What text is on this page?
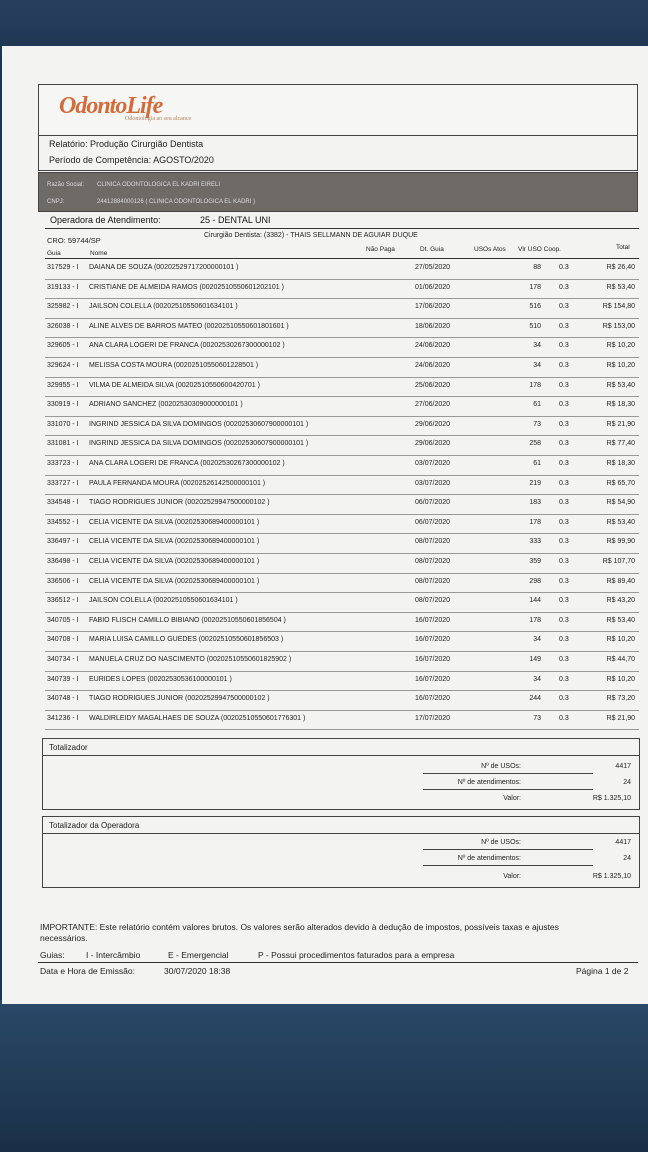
OdontoLife
Odontologia ao seu alcance
Relatório: Produção Cirurgião Dentista
Período de Competência: AGOSTO/2020
Razão Social: CLINICA ODONTOLOGICA EL KADRI EIRELI
CNPJ:	24412884000126 ( CLINICA ODONTOLOGICA EL KADRI )
Operadora de Atendimento:	25 - DENTAL UNI
CRO: 59744/SP
Cirurgião Dentista: (3382) - THAIS SELLMANN DE AGUIAR DUQUE
Guia	Nome
Não Paga	Dt. Guia	USOs Atos Vlr USO Coop.	Total
317529 - I DAIANA DE SOUZA (00202529717200000101 )	27/05/2020	88	0.3	R$ 26,40
319133 - I CRISTIANE DE ALMEIDA RAMOS (00202510550601202101 )	01/06/2020	178	0.3	R$ 53,40
325982 - I JAILSON COLELLA (00202510550601634101 )	17/06/2020	516	0.3	R$ 154,80
326038 - I ALINE ALVES DE BARROS MATEO (00202510550601801601 )	18/06/2020	510	0.3	R$ 153,00
329605 - I ANA CLARA LOGERI DE FRANCA (00202530267300000102 )	24/06/2020	34	0.3	R$ 10,20
329624 - I MELISSA COSTA MOURA (00202510550601228501 )	24/06/2020	34	0.3	R$ 10,20
329955 - I VILMA DE ALMEIDA SILVA (00202510550600420701 )	25/06/2020	178	0.3	R$ 53,40
330919 - I ADRIANO SANCHEZ (00202530309000000101 )	27/06/2020	61	0.3	R$ 18,30
331070 - I INGRIND JESSICA DA SILVA DOMINGOS (00202530607900000101 )	29/06/2020	73	0.3	R$ 21,90
331081 - I INGRIND JESSICA DA SILVA DOMINGOS (00202530607900000101 )	29/06/2020	258	0.3	R$ 77,40
333723 - I ANA CLARA LOGERI DE FRANCA (00202530267300000102 )	03/07/2020	61	0.3	R$ 18,30
333727 - I PAULA FERNANDA MOURA (00202526142500000101 )	03/07/2020	219	0.3	R$ 65,70
334548 - I TIAGO RODRIGUES JUNIOR (00202529947500000102 )	06/07/2020	183	0.3	R$ 54,90
334552 - I CELIA VICENTE DA SILVA (00202530689400000101 )	06/07/2020	178	0.3	R$ 53,40
336497 - I CELIA VICENTE DA SILVA (00202530689400000101 )	08/07/2020	333	0.3	R$ 99,90
336498 - I CELIA VICENTE DA SILVA (00202530689400000101 )	08/07/2020	359	0.3	R$ 107,70
336506 - I CELIA VICENTE DA SILVA (00202530689400000101 )	08/07/2020	298	0.3	R$ 89,40
336512 - I JAILSON COLELLA (00202510550601634101 )	08/07/2020	144	0.3	R$ 43,20
340705 - I FABIO FLISCH CAMILLO BIBIANO (00202510550601856504 )	16/07/2020	178	0.3	R$ 53,40
340708 - I MARIA LUISA CAMILLO GUEDES (00202510550601856503 )	16/07/2020	34	0.3	R$ 10,20
340734 - I MANUELA CRUZ DO NASCIMENTO (00202510550601825902 )	16/07/2020	149	0.3	R$ 44,70
340739 - I EURIDES LOPES (00202530536100000101 )	16/07/2020	34	0.3	R$ 10,20
340748 - I TIAGO RODRIGUES JUNIOR (00202529947500000102 )	16/07/2020	244	0.3	R$ 73,20
341236 - I WALDIRLEIDY MAGALHAES DE SOUZA (00202510550601776301 )	17/07/2020	73	0.3	R$ 21,90
Totalizador
Nº de USOs:	4417
Nº de atendimentos:	24
Valor:	R$ 1.325,10
Totalizador da Operadora
Nº de USOs:	4417
Nº de atendimentos:	24
Valor:	R$ 1.325,10
IMPORTANTE: Este relatório contém valores brutos. Os valores serão alterados devido à dedução de impostos, possíveis taxas e ajustes necessários.
Guias:	I - Intercâmbio	E - Emergencial	P - Possui procedimentos faturados para a empresa
Data e Hora de Emissão:	30/07/2020 18:38	Página 1 de 2
